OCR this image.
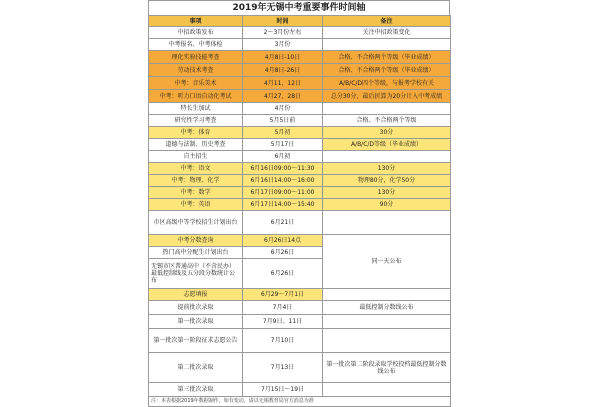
2019年无锡中考重要事件时间轴
事项	时间	备注
中招政策发布	2～3月份左右	关注中招政策变化
中考报名、中考体检	3月份	
理化实验技能考查	4月8日-10日	合格、不合格两个等级（毕业成绩）
劳动技术考查	4月8日-26日	合格、不合格两个等级（毕业成绩）
中考：音乐美术	4月11、12日	A/B/C/D四个等级，与报考学校有关
中考：听力口语自动化考试	4月27、28日	总分30分，最后折算为20分计入中考成绩
特长生加试	4月份	
研究性学习考查	5月5日前	合格、不合格两个等级
中考：体育	5月初	30分
道德与法制、历史考查	5月17日	A/B/C/D等级（毕业成绩）
自主招生	6月初	
中考：语文	6月16日09:00～11:30	130分
中考：物理、化学	6月16日14:00～16:00	物理80分，化学50分
中考：数学	6月17日09:00～11:00	130分
中考：英语	6月17日14:00～15:40	90分
市区高级中等学校招生计划出台	6月21日	
中考分数查询	6月26日14点	同一天公布
热门高中分配生计划出台	6月26日	
无锡市区普通高中（不含民办）最低控制线及五分段分数统计公布	6月26日	
志愿填报	6月29～7月1日	
提前批次录取	7月4日	最低控制分数线公布
第一批次录取	7月9日、11日	
第一批次第一阶段征求志愿公告	7月10日	
第二批次录取	7月13日	第一批次第二阶段录取学校投档最低控制分数线公布
第三批次录取	7月15日～19日	
注：本表根据2019年数据制作，如有变动，请以无锡教育局官方消息为准		
